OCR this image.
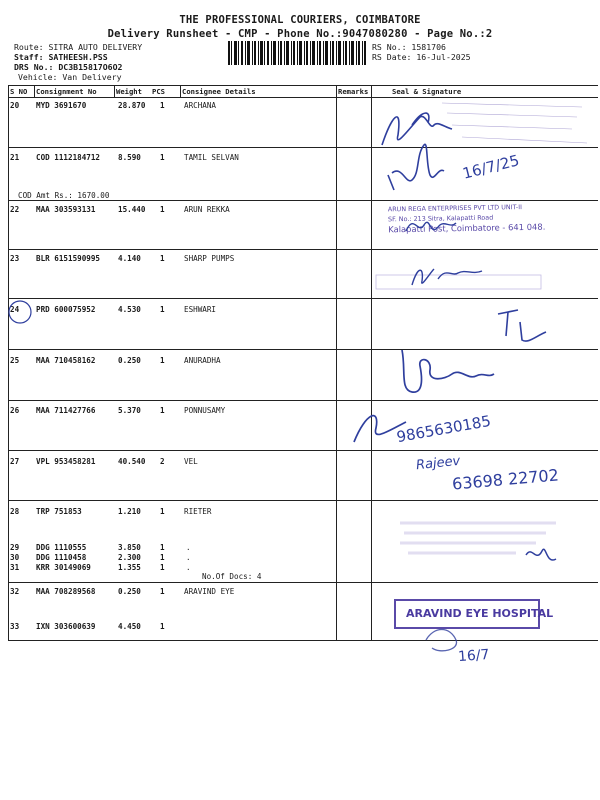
THE PROFESSIONAL COURIERS, COIMBATORE
Delivery Runsheet - CMP - Phone No.:9047080280 - Page No.:2
Route: SITRA AUTO DELIVERY
Staff: SATHEESH.PSS
DRS No.: DC3B15817O6O2
Vehicle: Van Delivery
RS No.: 1581706
RS Date: 16-Jul-2025
S NO Consignment No	Weight PCS Consignee Details	Remarks	Seal & Signature
20 MYD 3691670	28.870 1	ARCHANA
21 COD 1112184712 8.590	1	TAMIL SELVAN
COD Amt Rs.: 1670.00
22 MAA 303593131	15.440 1	ARUN REKKA
23 BLR 6151590995 4.140	1	SHARP PUMPS
24 PRD 600075952	4.530	1	ESHWARI
25 MAA 710458162	0.250	1	ANURADHA
26 MAA 711427766	5.370	1	PONNUSAMY
27 VPL 953458281	40.540 2	VEL
28 TRP 751853	1.210	1	RIETER
29 DDG 1110555	3.850	1	.
30 DDG 1110458	2.300	1	.
31 KRR 30149069	1.355	1	.
No.Of Docs: 4
32 MAA 708289568	0.250	1	ARAVIND EYE
33 IXN 303600639	4.450	1
16/7/25
ARUN REGA ENTERPRISES PVT LTD UNIT-II
SF. No.: 213 Sitra, Kalapatti Road
Kalapatti Post, Coimbatore - 641 048.
9865630185
Rajeev
63698 22702
ARAVIND EYE HOSPITAL
16/7
